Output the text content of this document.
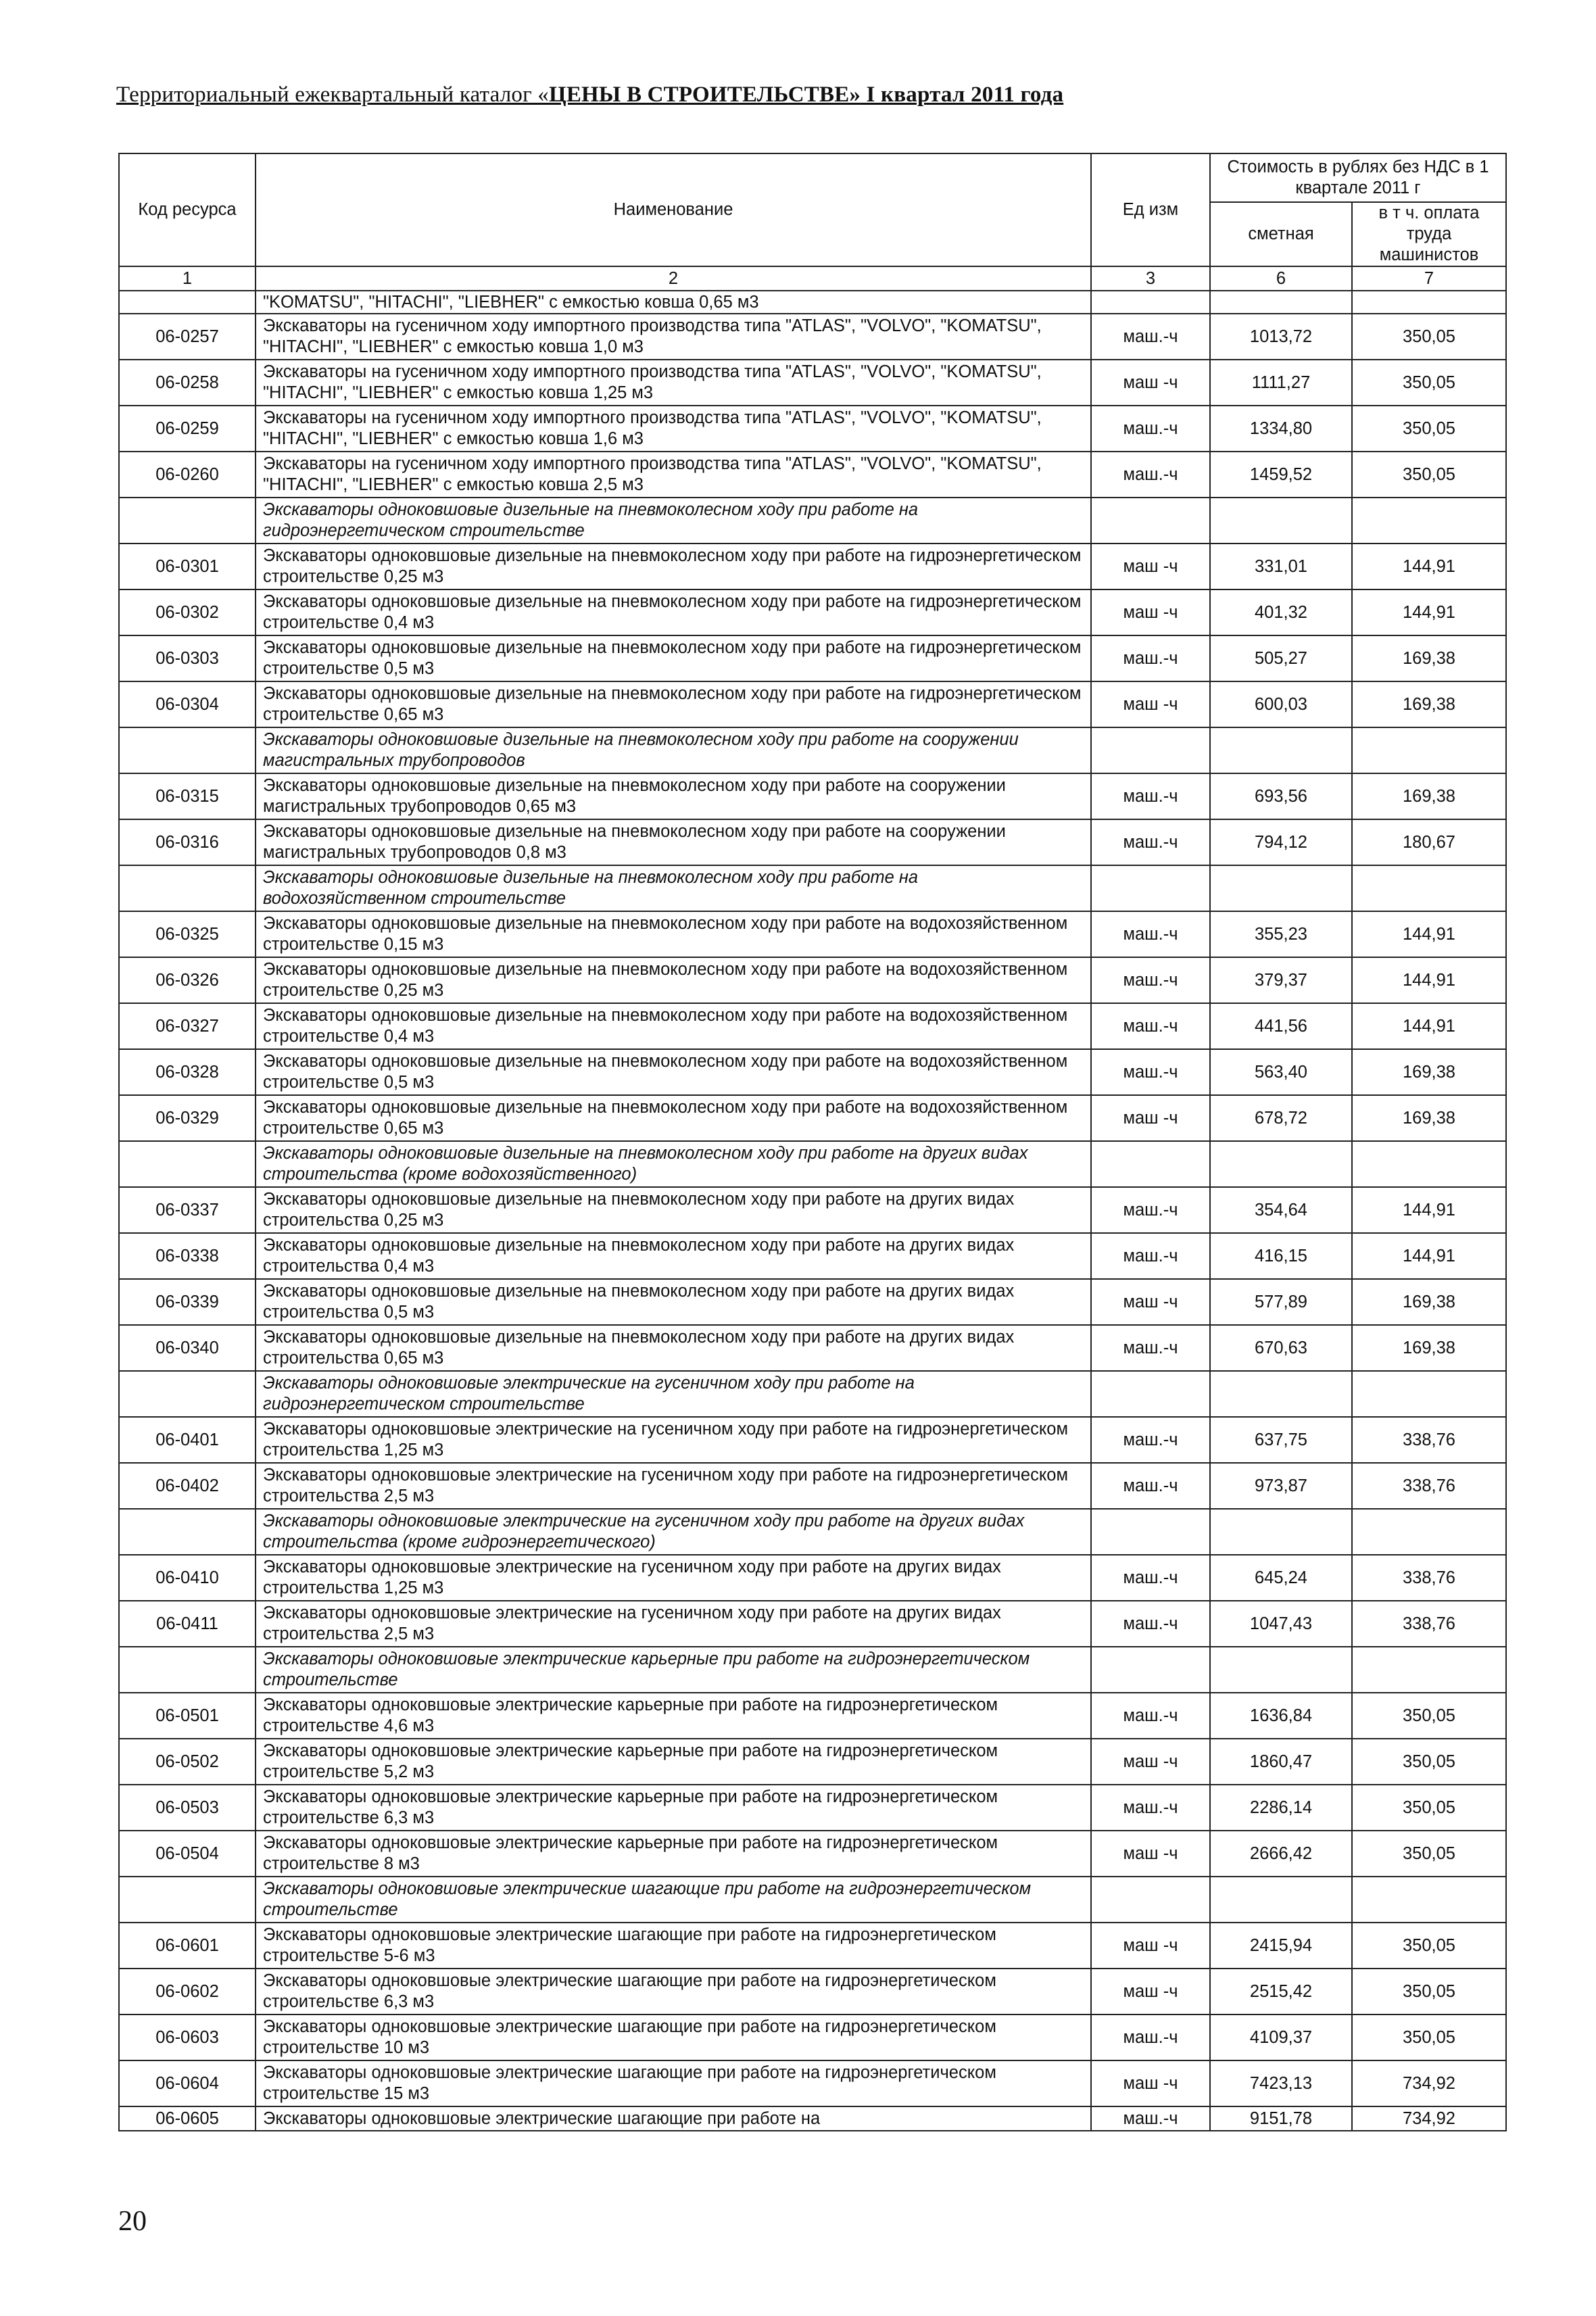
Территориальный ежеквартальный каталог «ЦЕНЫ В СТРОИТЕЛЬСТВЕ» I квартал 2011 года
Код ресурса	Наименование	Ед изм	Стоимость в рублях без НДС в 1 квартале 2011 г	
			сметная	в т ч. оплата труда машинистов
1	2	3	6	7
	"KOMATSU", "HITACHI", "LIEBHER" с емкостью ковша 0,65 м3			
06-0257	Экскаваторы на гусеничном ходу импортного производства типа "ATLAS", "VOLVO", "KOMATSU", "HITACHI", "LIEBHER" с емкостью ковша 1,0 м3	маш.-ч	1013,72	350,05
06-0258	Экскаваторы на гусеничном ходу импортного производства типа "ATLAS", "VOLVO", "KOMATSU", "HITACHI", "LIEBHER" с емкостью ковша 1,25 м3	маш -ч	1111,27	350,05
06-0259	Экскаваторы на гусеничном ходу импортного производства типа "ATLAS", "VOLVO", "KOMATSU", "HITACHI", "LIEBHER" с емкостью ковша 1,6 м3	маш.-ч	1334,80	350,05
06-0260	Экскаваторы на гусеничном ходу импортного производства типа "ATLAS", "VOLVO", "KOMATSU", "HITACHI", "LIEBHER" с емкостью ковша 2,5 м3	маш.-ч	1459,52	350,05
	Экскаваторы одноковшовые дизельные на пневмоколесном ходу при работе на гидроэнергетическом строительстве			
06-0301	Экскаваторы одноковшовые дизельные на пневмоколесном ходу при работе на гидроэнергетическом строительстве 0,25 м3	маш -ч	331,01	144,91
06-0302	Экскаваторы одноковшовые дизельные на пневмоколесном ходу при работе на гидроэнергетическом строительстве 0,4 м3	маш -ч	401,32	144,91
06-0303	Экскаваторы одноковшовые дизельные на пневмоколесном ходу при работе на гидроэнергетическом строительстве 0,5 м3	маш.-ч	505,27	169,38
06-0304	Экскаваторы одноковшовые дизельные на пневмоколесном ходу при работе на гидроэнергетическом строительстве 0,65 м3	маш -ч	600,03	169,38
	Экскаваторы одноковшовые дизельные на пневмоколесном ходу при работе на сооружении магистральных трубопроводов			
06-0315	Экскаваторы одноковшовые дизельные на пневмоколесном ходу при работе на сооружении магистральных трубопроводов 0,65 м3	маш.-ч	693,56	169,38
06-0316	Экскаваторы одноковшовые дизельные на пневмоколесном ходу при работе на сооружении магистральных трубопроводов 0,8 м3	маш.-ч	794,12	180,67
	Экскаваторы одноковшовые дизельные на пневмоколесном ходу при работе на водохозяйственном строительстве			
06-0325	Экскаваторы одноковшовые дизельные на пневмоколесном ходу при работе на водохозяйственном строительстве 0,15 м3	маш.-ч	355,23	144,91
06-0326	Экскаваторы одноковшовые дизельные на пневмоколесном ходу при работе на водохозяйственном строительстве 0,25 м3	маш.-ч	379,37	144,91
06-0327	Экскаваторы одноковшовые дизельные на пневмоколесном ходу при работе на водохозяйственном строительстве 0,4 м3	маш.-ч	441,56	144,91
06-0328	Экскаваторы одноковшовые дизельные на пневмоколесном ходу при работе на водохозяйственном строительстве 0,5 м3	маш.-ч	563,40	169,38
06-0329	Экскаваторы одноковшовые дизельные на пневмоколесном ходу при работе на водохозяйственном строительстве 0,65 м3	маш -ч	678,72	169,38
	Экскаваторы одноковшовые дизельные на пневмоколесном ходу при работе на других видах строительства (кроме водохозяйственного)			
06-0337	Экскаваторы одноковшовые дизельные на пневмоколесном ходу при работе на других видах строительства 0,25 м3	маш.-ч	354,64	144,91
06-0338	Экскаваторы одноковшовые дизельные на пневмоколесном ходу при работе на других видах строительства 0,4 м3	маш.-ч	416,15	144,91
06-0339	Экскаваторы одноковшовые дизельные на пневмоколесном ходу при работе на других видах строительства 0,5 м3	маш -ч	577,89	169,38
06-0340	Экскаваторы одноковшовые дизельные на пневмоколесном ходу при работе на других видах строительства 0,65 м3	маш.-ч	670,63	169,38
	Экскаваторы одноковшовые электрические на гусеничном ходу при работе на гидроэнергетическом строительстве			
06-0401	Экскаваторы одноковшовые электрические на гусеничном ходу при работе на гидроэнергетическом строительства 1,25 м3	маш.-ч	637,75	338,76
06-0402	Экскаваторы одноковшовые электрические на гусеничном ходу при работе на гидроэнергетическом строительства 2,5 м3	маш.-ч	973,87	338,76
	Экскаваторы одноковшовые электрические на гусеничном ходу при работе на других видах строительства (кроме гидроэнергетического)			
06-0410	Экскаваторы одноковшовые электрические на гусеничном ходу при работе на других видах строительства 1,25 м3	маш.-ч	645,24	338,76
06-0411	Экскаваторы одноковшовые электрические на гусеничном ходу при работе на других видах строительства 2,5 м3	маш.-ч	1047,43	338,76
	Экскаваторы одноковшовые электрические карьерные при работе на гидроэнергетическом строительстве			
06-0501	Экскаваторы одноковшовые электрические карьерные при работе на гидроэнергетическом строительстве 4,6 м3	маш.-ч	1636,84	350,05
06-0502	Экскаваторы одноковшовые электрические карьерные при работе на гидроэнергетическом строительстве 5,2 м3	маш -ч	1860,47	350,05
06-0503	Экскаваторы одноковшовые электрические карьерные при работе на гидроэнергетическом строительстве 6,3 м3	маш.-ч	2286,14	350,05
06-0504	Экскаваторы одноковшовые электрические карьерные при работе на гидроэнергетическом строительстве 8 м3	маш -ч	2666,42	350,05
	Экскаваторы одноковшовые электрические шагающие при работе на гидроэнергетическом строительстве			
06-0601	Экскаваторы одноковшовые электрические шагающие при работе на гидроэнергетическом строительстве 5-6 м3	маш -ч	2415,94	350,05
06-0602	Экскаваторы одноковшовые электрические шагающие при работе на гидроэнергетическом строительстве 6,3 м3	маш -ч	2515,42	350,05
06-0603	Экскаваторы одноковшовые электрические шагающие при работе на гидроэнергетическом строительстве 10 м3	маш.-ч	4109,37	350,05
06-0604	Экскаваторы одноковшовые электрические шагающие при работе на гидроэнергетическом строительстве 15 м3	маш -ч	7423,13	734,92
06-0605	Экскаваторы одноковшовые электрические шагающие при работе на	маш.-ч	9151,78	734,92
20
